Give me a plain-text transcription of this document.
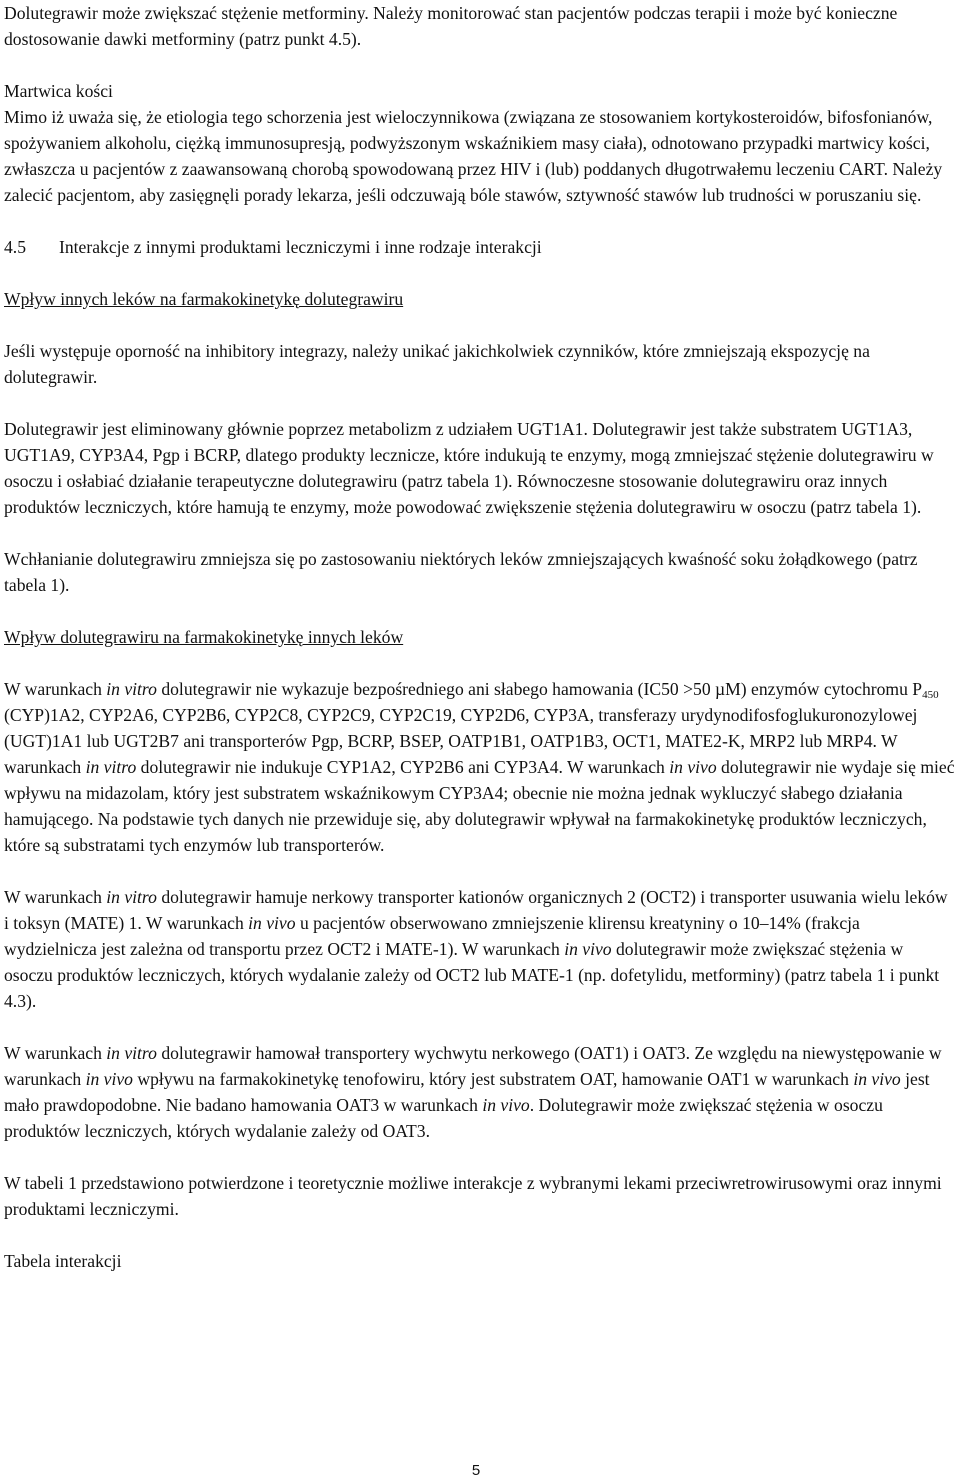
Dolutegrawir może zwiększać stężenie metforminy. Należy monitorować stan pacjentów podczas terapii i może być konieczne dostosowanie dawki metforminy (patrz punkt 4.5).

Martwica kości

Mimo iż uważa się, że etiologia tego schorzenia jest wieloczynnikowa (związana ze stosowaniem kortykosteroidów, bifosfonianów, spożywaniem alkoholu, ciężką immunosupresją, podwyższonym wskaźnikiem masy ciała), odnotowano przypadki martwicy kości, zwłaszcza u pacjentów z zaawansowaną chorobą spowodowaną przez HIV i (lub) poddanych długotrwałemu leczeniu CART. Należy zalecić pacjentom, aby zasięgnęli porady lekarza, jeśli odczuwają bóle stawów, sztywność stawów lub trudności w poruszaniu się.

4.5 Interakcje z innymi produktami leczniczymi i inne rodzaje interakcji

Wpływ innych leków na farmakokinetykę dolutegrawiru

Jeśli występuje oporność na inhibitory integrazy, należy unikać jakichkolwiek czynników, które zmniejszają ekspozycję na dolutegrawir.

Dolutegrawir jest eliminowany głównie poprzez metabolizm z udziałem UGT1A1. Dolutegrawir jest także substratem UGT1A3, UGT1A9, CYP3A4, Pgp i BCRP, dlatego produkty lecznicze, które indukują te enzymy, mogą zmniejszać stężenie dolutegrawiru w osoczu i osłabiać działanie terapeutyczne dolutegrawiru (patrz tabela 1). Równoczesne stosowanie dolutegrawiru oraz innych produktów leczniczych, które hamują te enzymy, może powodować zwiększenie stężenia dolutegrawiru w osoczu (patrz tabela 1).

Wchłanianie dolutegrawiru zmniejsza się po zastosowaniu niektórych leków zmniejszających kwaśność soku żołądkowego (patrz tabela 1).

Wpływ dolutegrawiru na farmakokinetykę innych leków

W warunkach in vitro dolutegrawir nie wykazuje bezpośredniego ani słabego hamowania (IC50 >50 µM) enzymów cytochromu $P_{450}$ (CYP)1A2, CYP2A6, CYP2B6, CYP2C8, CYP2C9, CYP2C19, CYP2D6, CYP3A, transferazy urydynodifosfoglukuronozylowej (UGT)1A1 lub UGT2B7 ani transporterów Pgp, BCRP, BSEP, OATP1B1, OATP1B3, OCT1, MATE2-K, MRP2 lub MRP4. W warunkach in vitro dolutegrawir nie indukuje CYP1A2, CYP2B6 ani CYP3A4. W warunkach in vivo dolutegrawir nie wydaje się mieć wpływu na midazolam, który jest substratem wskaźnikowym CYP3A4; obecnie nie można jednak wykluczyć słabego działania hamującego. Na podstawie tych danych nie przewiduje się, aby dolutegrawir wpływał na farmakokinetykę produktów leczniczych, które są substratami tych enzymów lub transporterów.

W warunkach in vitro dolutegrawir hamuje nerkowy transporter kationów organicznych 2 (OCT2) i transporter usuwania wielu leków i toksyn (MATE) 1. W warunkach in vivo u pacjentów obserwowano zmniejszenie klirensu kreatyniny o 10–14% (frakcja wydzielnicza jest zależna od transportu przez OCT2 i MATE-1). W warunkach in vivo dolutegrawir może zwiększać stężenia w osoczu produktów leczniczych, których wydalanie zależy od OCT2 lub MATE-1 (np. dofetylidu, metforminy) (patrz tabela 1 i punkt 4.3).

W warunkach in vitro dolutegrawir hamował transportery wychwytu nerkowego (OAT1) i OAT3. Ze względu na niewystępowanie w warunkach in vivo wpływu na farmakokinetykę tenofowiru, który jest substratem OAT, hamowanie OAT1 w warunkach in vivo jest mało prawdopodobne. Nie badano hamowania OAT3 w warunkach in vivo. Dolutegrawir może zwiększać stężenia w osoczu produktów leczniczych, których wydalanie zależy od OAT3.

W tabeli 1 przedstawiono potwierdzone i teoretycznie możliwe interakcje z wybranymi lekami przeciwretrowirusowymi oraz innymi produktami leczniczymi.

Tabela interakcji

5
